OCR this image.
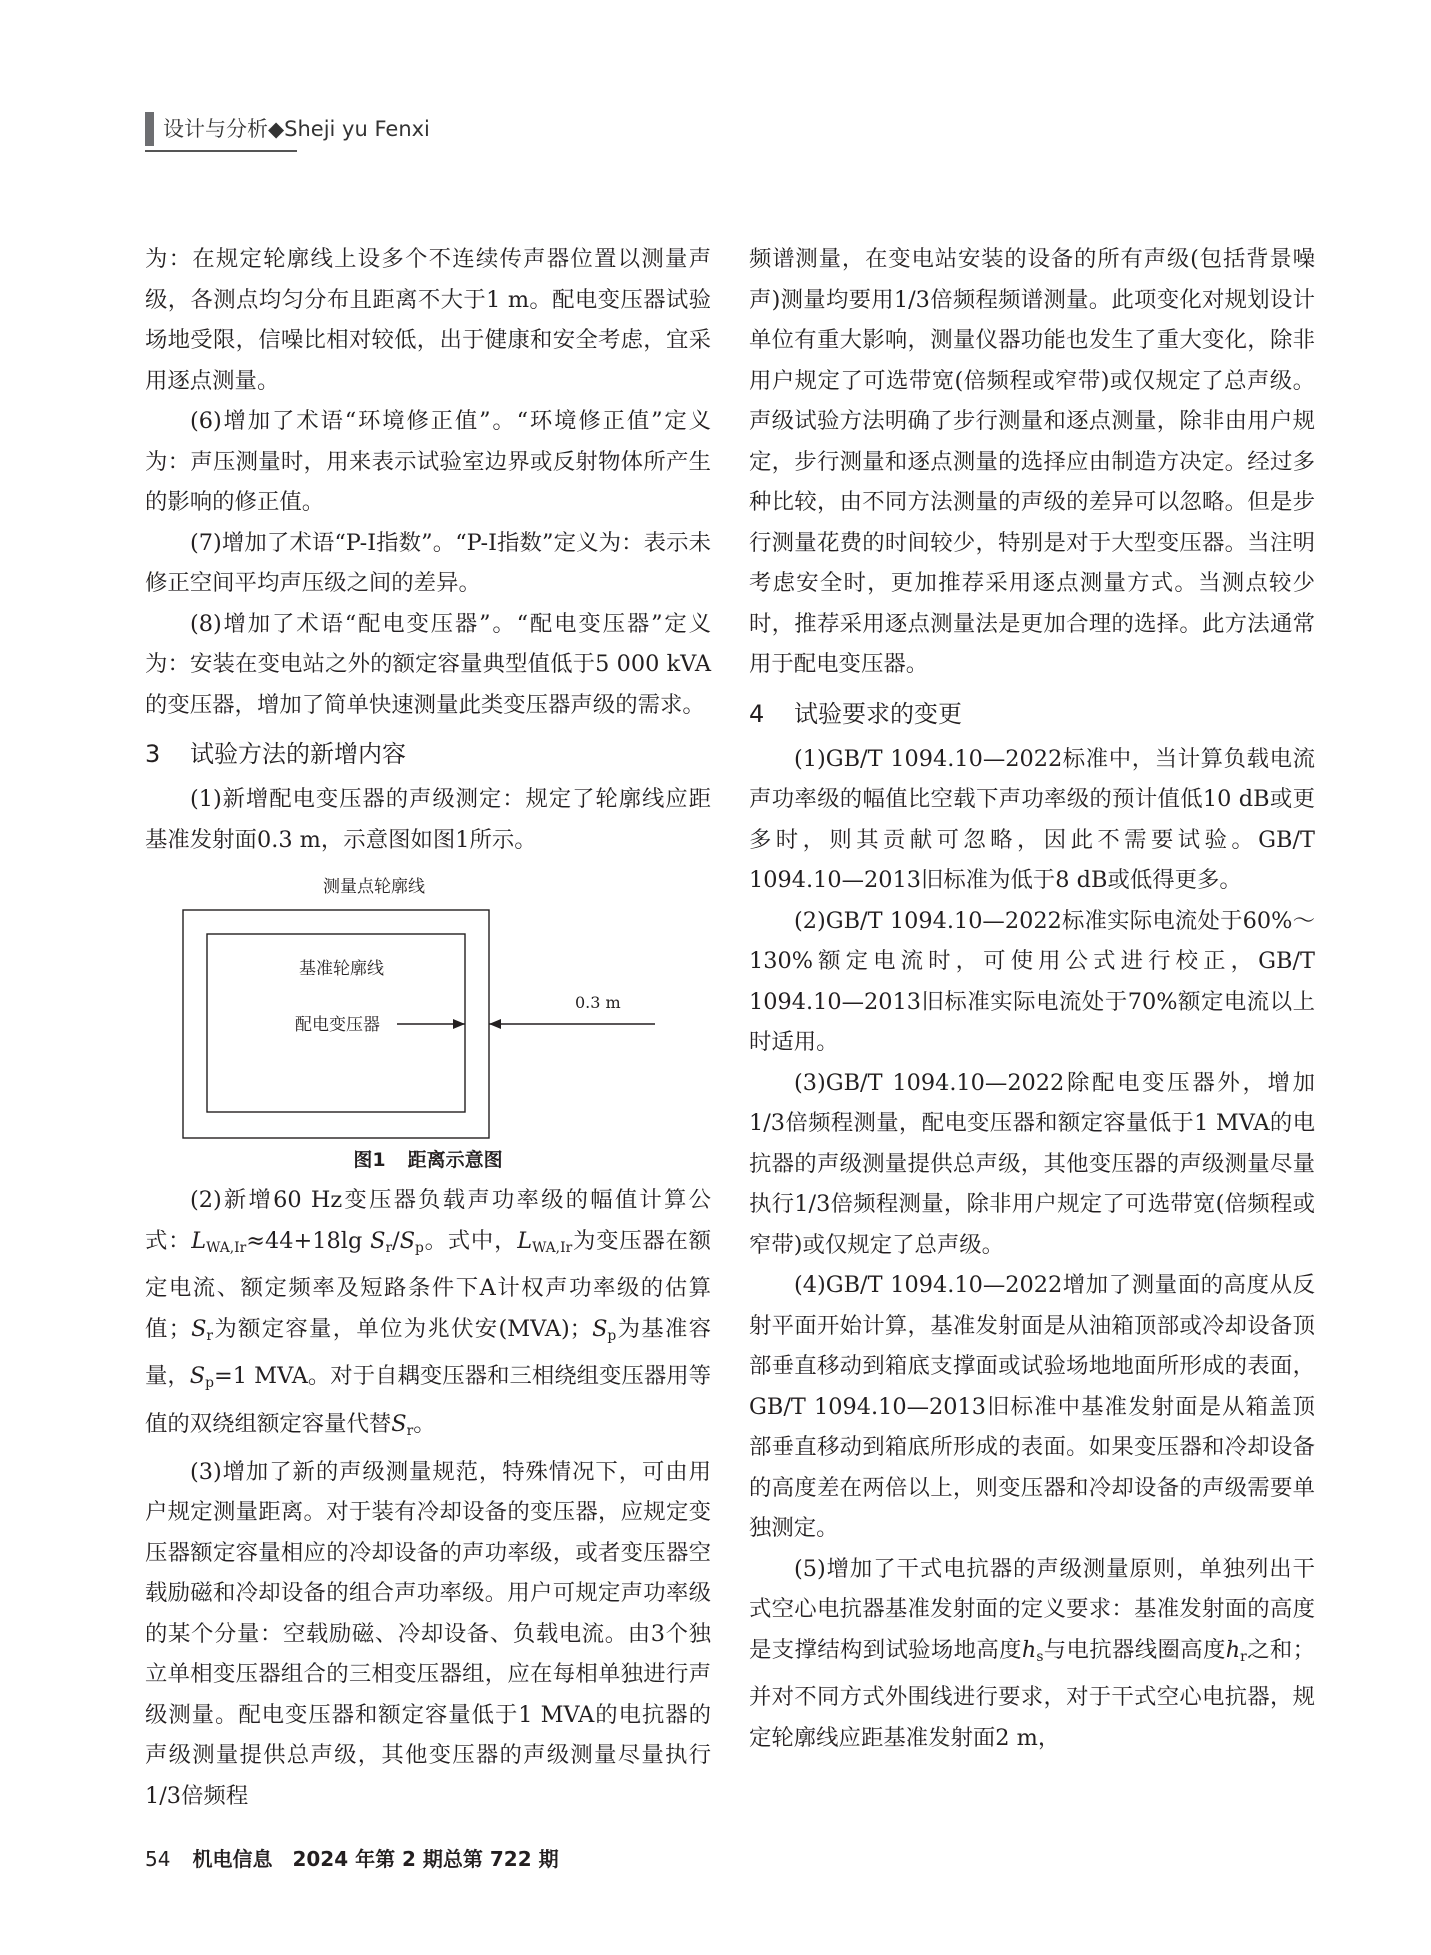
设计与分析◆Sheji yu Fenxi

为：在规定轮廓线上设多个不连续传声器位置以测量声级，各测点均匀分布且距离不大于1 m。配电变压器试验场地受限，信噪比相对较低，出于健康和安全考虑，宜采用逐点测量。

(6)增加了术语“环境修正值”。“环境修正值”定义为：声压测量时，用来表示试验室边界或反射物体所产生的影响的修正值。

(7)增加了术语“P-I指数”。“P-I指数”定义为：表示未修正空间平均声压级之间的差异。

(8)增加了术语“配电变压器”。“配电变压器”定义为：安装在变电站之外的额定容量典型值低于5 000 kVA的变压器，增加了简单快速测量此类变压器声级的需求。

3 试验方法的新增内容

(1)新增配电变压器的声级测定：规定了轮廓线应距基准发射面0.3 m，示意图如图1所示。

测量点轮廓线
基准轮廓线
配电变压器
0.3 m
图1 距离示意图

(2)新增60 Hz变压器负载声功率级的幅值计算公式：$L_{WA,Ir}\approx 44+18\lg$ $S_r/S_p$。式中，$L_{WA,Ir}$为变压器在额定电流、额定频率及短路条件下A计权声功率级的估算值；$S_r$为额定容量，单位为兆伏安(MVA)；$S_p$为基准容量，$S_p=1$ MVA。对于自耦变压器和三相绕组变压器用等值的双绕组额定容量代替$S_r$。

(3)增加了新的声级测量规范，特殊情况下，可由用户规定测量距离。对于装有冷却设备的变压器，应规定变压器额定容量相应的冷却设备的声功率级，或者变压器空载励磁和冷却设备的组合声功率级。用户可规定声功率级的某个分量：空载励磁、冷却设备、负载电流。由3个独立单相变压器组合的三相变压器组，应在每相单独进行声级测量。配电变压器和额定容量低于1 MVA的电抗器的声级测量提供总声级，其他变压器的声级测量尽量执行1/3倍频程

频谱测量，在变电站安装的设备的所有声级(包括背景噪声)测量均要用1/3倍频程频谱测量。此项变化对规划设计单位有重大影响，测量仪器功能也发生了重大变化，除非用户规定了可选带宽(倍频程或窄带)或仅规定了总声级。声级试验方法明确了步行测量和逐点测量，除非由用户规定，步行测量和逐点测量的选择应由制造方决定。经过多种比较，由不同方法测量的声级的差异可以忽略。但是步行测量花费的时间较少，特别是对于大型变压器。当注明考虑安全时，更加推荐采用逐点测量方式。当测点较少时，推荐采用逐点测量法是更加合理的选择。此方法通常用于配电变压器。

4 试验要求的变更

(1)GB/T 1094.10—2022标准中，当计算负载电流声功率级的幅值比空载下声功率级的预计值低10 dB或更多时，则其贡献可忽略，因此不需要试验。GB/T 1094.10—2013旧标准为低于8 dB或低得更多。

(2)GB/T 1094.10—2022标准实际电流处于60%～130%额定电流时，可使用公式进行校正，GB/T 1094.10—2013旧标准实际电流处于70%额定电流以上时适用。

(3)GB/T 1094.10—2022除配电变压器外，增加1/3倍频程测量，配电变压器和额定容量低于1 MVA的电抗器的声级测量提供总声级，其他变压器的声级测量尽量执行1/3倍频程测量，除非用户规定了可选带宽(倍频程或窄带)或仅规定了总声级。

(4)GB/T 1094.10—2022增加了测量面的高度从反射平面开始计算，基准发射面是从油箱顶部或冷却设备顶部垂直移动到箱底支撑面或试验场地地面所形成的表面，GB/T 1094.10—2013旧标准中基准发射面是从箱盖顶部垂直移动到箱底所形成的表面。如果变压器和冷却设备的高度差在两倍以上，则变压器和冷却设备的声级需要单独测定。

(5)增加了干式电抗器的声级测量原则，单独列出干式空心电抗器基准发射面的定义要求：基准发射面的高度是支撑结构到试验场地高度$h_s$与电抗器线圈高度$h_r$之和；并对不同方式外围线进行要求，对于干式空心电抗器，规定轮廓线应距基准发射面2 m，

54 机电信息　2024 年第 2 期总第 722 期
